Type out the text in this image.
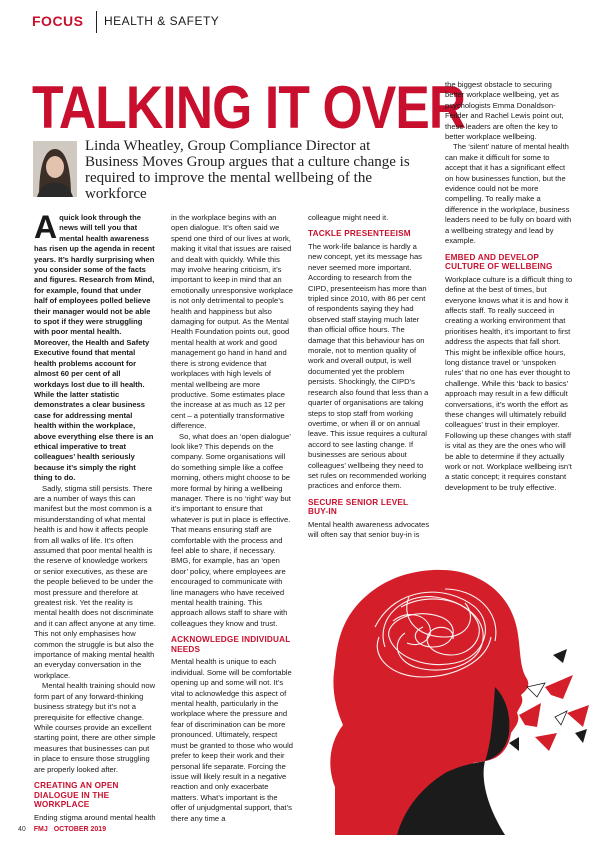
FOCUS HEALTH & SAFETY
TALKING IT OVER
Linda Wheatley, Group Compliance Director at Business Moves Group argues that a culture change is required to improve the mental wellbeing of the workforce

Aquick look through the news will tell you that mental health awareness has risen up the agenda in recent years. It’s hardly surprising when you consider some of the facts and figures. Research from Mind, for example, found that under half of employees polled believe their manager would not be able to spot if they were struggling with poor mental health. Moreover, the Health and Safety Executive found that mental health problems account for almost 60 per cent of all workdays lost due to ill health. While the latter statistic demonstrates a clear business case for addressing mental health within the workplace, above everything else there is an ethical imperative to treat colleagues’ health seriously because it’s simply the right thing to do.

Sadly, stigma still persists. There are a number of ways this can manifest but the most common is a misunderstanding of what mental health is and how it affects people from all walks of life. It’s often assumed that poor mental health is the reserve of knowledge workers or senior executives, as these are the people believed to be under the most pressure and therefore at greatest risk. Yet the reality is mental health does not discriminate and it can affect anyone at any time. This not only emphasises how common the struggle is but also the importance of making mental health an everyday conversation in the workplace.

Mental health training should now form part of any forward-thinking business strategy but it’s not a prerequisite for effective change. While courses provide an excellent starting point, there are other simple measures that businesses can put in place to ensure those struggling are properly looked after.

CREATING AN OPEN DIALOGUE IN THE WORKPLACE

Ending stigma around mental health

in the workplace begins with an open dialogue. It’s often said we spend one third of our lives at work, making it vital that issues are raised and dealt with quickly. While this may involve hearing criticism, it’s important to keep in mind that an emotionally unresponsive workplace is not only detrimental to people’s health and happiness but also damaging for output. As the Mental Health Foundation points out, good mental health at work and good management go hand in hand and there is strong evidence that workplaces with high levels of mental wellbeing are more productive. Some estimates place the increase at as much as 12 per cent – a potentially transformative difference.

So, what does an ‘open dialogue’ look like? This depends on the company. Some organisations will do something simple like a coffee morning, others might choose to be more formal by hiring a wellbeing manager. There is no ‘right’ way but it’s important to ensure that whatever is put in place is effective. That means ensuring staff are comfortable with the process and feel able to share, if necessary. BMG, for example, has an ‘open door’ policy, where employees are encouraged to communicate with line managers who have received mental health training. This approach allows staff to share with colleagues they know and trust.

ACKNOWLEDGE INDIVIDUAL NEEDS

Mental health is unique to each individual. Some will be comfortable opening up and some will not. It’s vital to acknowledge this aspect of mental health, particularly in the workplace where the pressure and fear of discrimination can be more pronounced. Ultimately, respect must be granted to those who would prefer to keep their work and their personal life separate. Forcing the issue will likely result in a negative reaction and only exacerbate matters. What’s important is the offer of unjudgmental support, that’s there any time a

colleague might need it.

TACKLE PRESENTEEISM

The work-life balance is hardly a new concept, yet its message has never seemed more important. According to research from the CIPD, presenteeism has more than tripled since 2010, with 86 per cent of respondents saying they had observed staff staying much later than official office hours. The damage that this behaviour has on morale, not to mention quality of work and overall output, is well documented yet the problem persists. Shockingly, the CIPD’s research also found that less than a quarter of organisations are taking steps to stop staff from working overtime, or when ill or on annual leave. This issue requires a cultural accord to see lasting change. If businesses are serious about colleagues’ wellbeing they need to set rules on recommended working practices and enforce them.

SECURE SENIOR LEVEL BUY-IN

Mental health awareness advocates will often say that senior buy-in is

the biggest obstacle to securing better workplace wellbeing, yet as psychologists Emma Donaldson-Feilder and Rachel Lewis point out, these leaders are often the key to better workplace wellbeing.

The ‘silent’ nature of mental health can make it difficult for some to accept that it has a significant effect on how businesses function, but the evidence could not be more compelling. To really make a difference in the workplace, business leaders need to be fully on board with a wellbeing strategy and lead by example.

EMBED AND DEVELOP CULTURE OF WELLBEING

Workplace culture is a difficult thing to define at the best of times, but everyone knows what it is and how it affects staff. To really succeed in creating a working environment that prioritises health, it’s important to first address the aspects that fall short. This might be inflexible office hours, long distance travel or ‘unspoken rules’ that no one has ever thought to challenge. While this ‘back to basics’ approach may result in a few difficult conversations, it’s worth the effort as these changes will ultimately rebuild colleagues’ trust in their employer. Following up these changes with staff is vital as they are the ones who will be able to determine if they actually work or not. Workplace wellbeing isn’t a static concept; it requires constant development to be truly effective.

40 FMJ OCTOBER 2019
